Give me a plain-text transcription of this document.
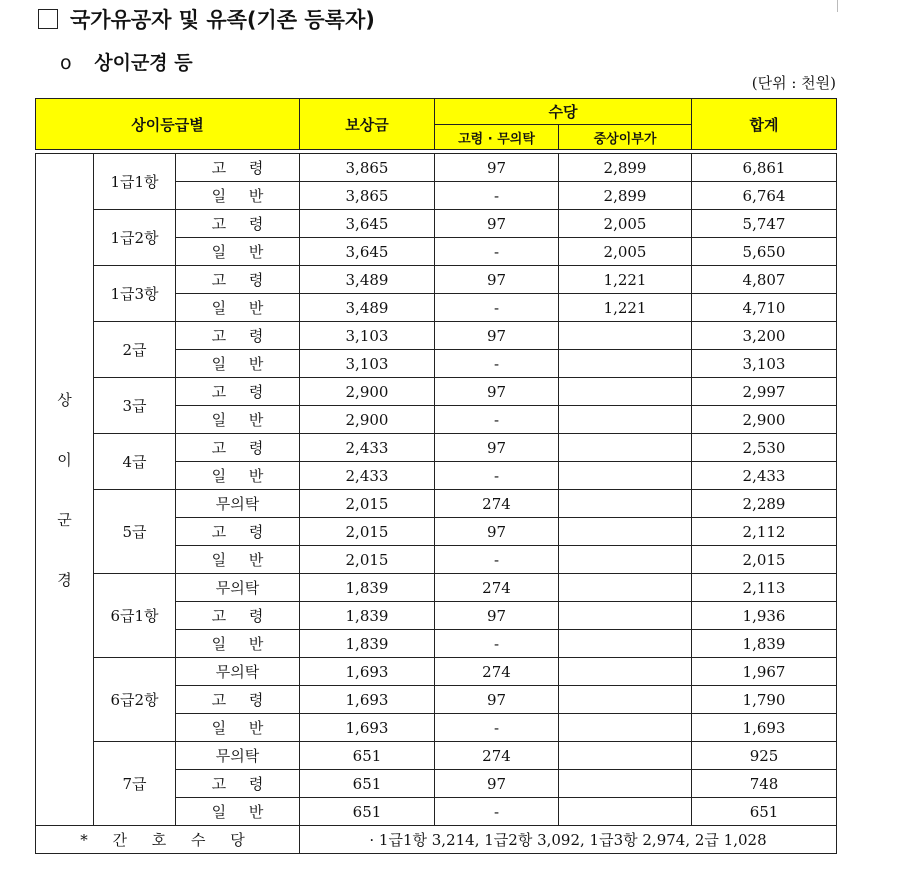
국가유공자 및 유족(기존 등록자)
o 상이군경 등
(단위 : 천원)
상이등급별			보상금	수당		합계
				고령 · 무의탁	중상이부가	

상
이
군
경	1급1항	고 령	3,865	97	2,899	6,861
		일 반	3,865	-	2,899	6,764
	1급2항	고 령	3,645	97	2,005	5,747
		일 반	3,645	-	2,005	5,650
	1급3항	고 령	3,489	97	1,221	4,807
		일 반	3,489	-	1,221	4,710
	2급	고 령	3,103	97		3,200
		일 반	3,103	-		3,103
	3급	고 령	2,900	97		2,997
		일 반	2,900	-		2,900
	4급	고 령	2,433	97		2,530
		일 반	2,433	-		2,433
	5급	무의탁	2,015	274		2,289
		고 령	2,015	97		2,112
		일 반	2,015	-		2,015
	6급1항	무의탁	1,839	274		2,113
		고 령	1,839	97		1,936
		일 반	1,839	-		1,839
	6급2항	무의탁	1,693	274		1,967
		고 령	1,693	97		1,790
		일 반	1,693	-		1,693
	7급	무의탁	651	274		925
		고 령	651	97		748
		일 반	651	-		651
* 간 호 수 당			· 1급1항 3,214, 1급2항 3,092, 1급3항 2,974, 2급 1,028			
